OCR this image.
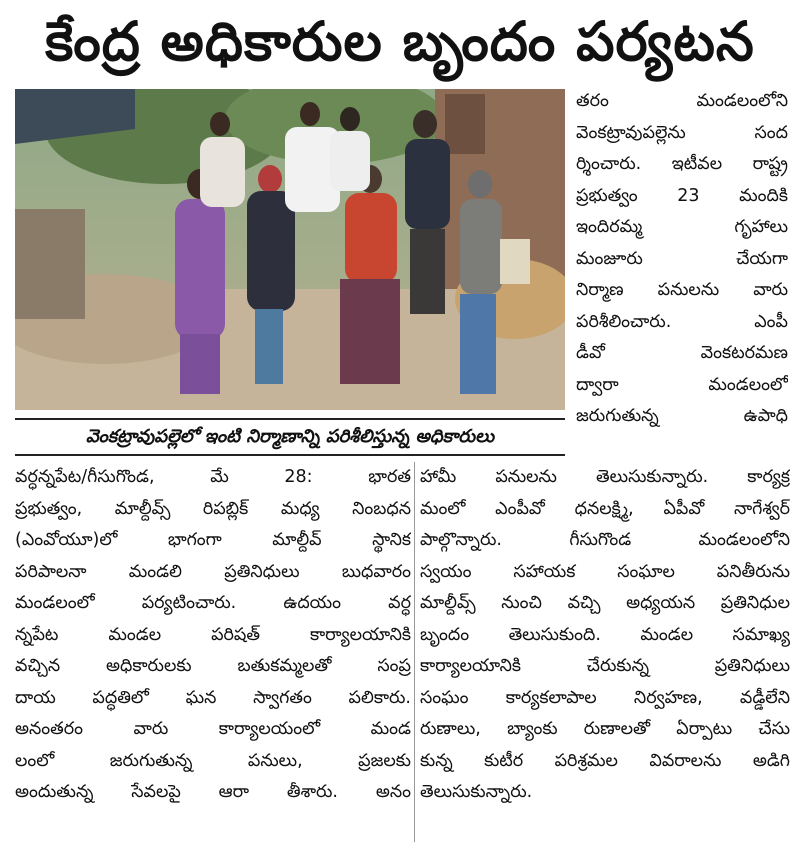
కేంద్ర అధికారుల బృందం పర్యటన
వెంకట్రావుపల్లెలో ఇంటి నిర్మాణాన్ని పరిశీలిస్తున్న అధికారులు
తరం మండలంలోని
వెంకట్రావుపల్లెను సంద
ర్శించారు. ఇటీవల రాష్ట్ర
ప్రభుత్వం 23 మందికి
ఇందిరమ్మ గృహాలు
మంజూరు చేయగా
నిర్మాణ పనులను వారు
పరిశీలించారు. ఎంపీ
డీవో వెంకటరమణ
ద్వారా మండలంలో
జరుగుతున్న ఉపాధి
వర్ధన్నపేట/గీసుగొండ, మే 28: భారత
ప్రభుత్వం, మాల్దీవ్స్ రిపబ్లిక్ మధ్య నింబధన
(ఎంవోయూ)లో భాగంగా మాల్దీవ్ స్థానిక
పరిపాలనా మండలి ప్రతినిధులు బుధవారం
మండలంలో పర్యటించారు. ఉదయం వర్ధ
న్నపేట మండల పరిషత్ కార్యాలయానికి
వచ్చిన అధికారులకు బతుకమ్మలతో సంప్ర
దాయ పద్ధతిలో ఘన స్వాగతం పలికారు.
అనంతరం వారు కార్యాలయంలో మండ
లంలో జరుగుతున్న పనులు, ప్రజలకు
అందుతున్న సేవలపై ఆరా తీశారు. అనం
హామీ పనులను తెలుసుకున్నారు. కార్యక్ర
మంలో ఎంపీవో ధనలక్ష్మి, ఏపీవో నాగేశ్వర్
పాల్గొన్నారు. గీసుగొండ మండలంలోని
స్వయం సహాయక సంఘాల పనితీరును
మాల్దీవ్స్ నుంచి వచ్చి అధ్యయన ప్రతినిధుల
బృందం తెలుసుకుంది. మండల సమాఖ్య
కార్యాలయానికి చేరుకున్న ప్రతినిధులు
సంఘం కార్యకలాపాల నిర్వహణ, వడ్డీలేని
రుణాలు, బ్యాంకు రుణాలతో ఏర్పాటు చేసు
కున్న కుటీర పరిశ్రమల వివరాలను అడిగి
తెలుసుకున్నారు.
